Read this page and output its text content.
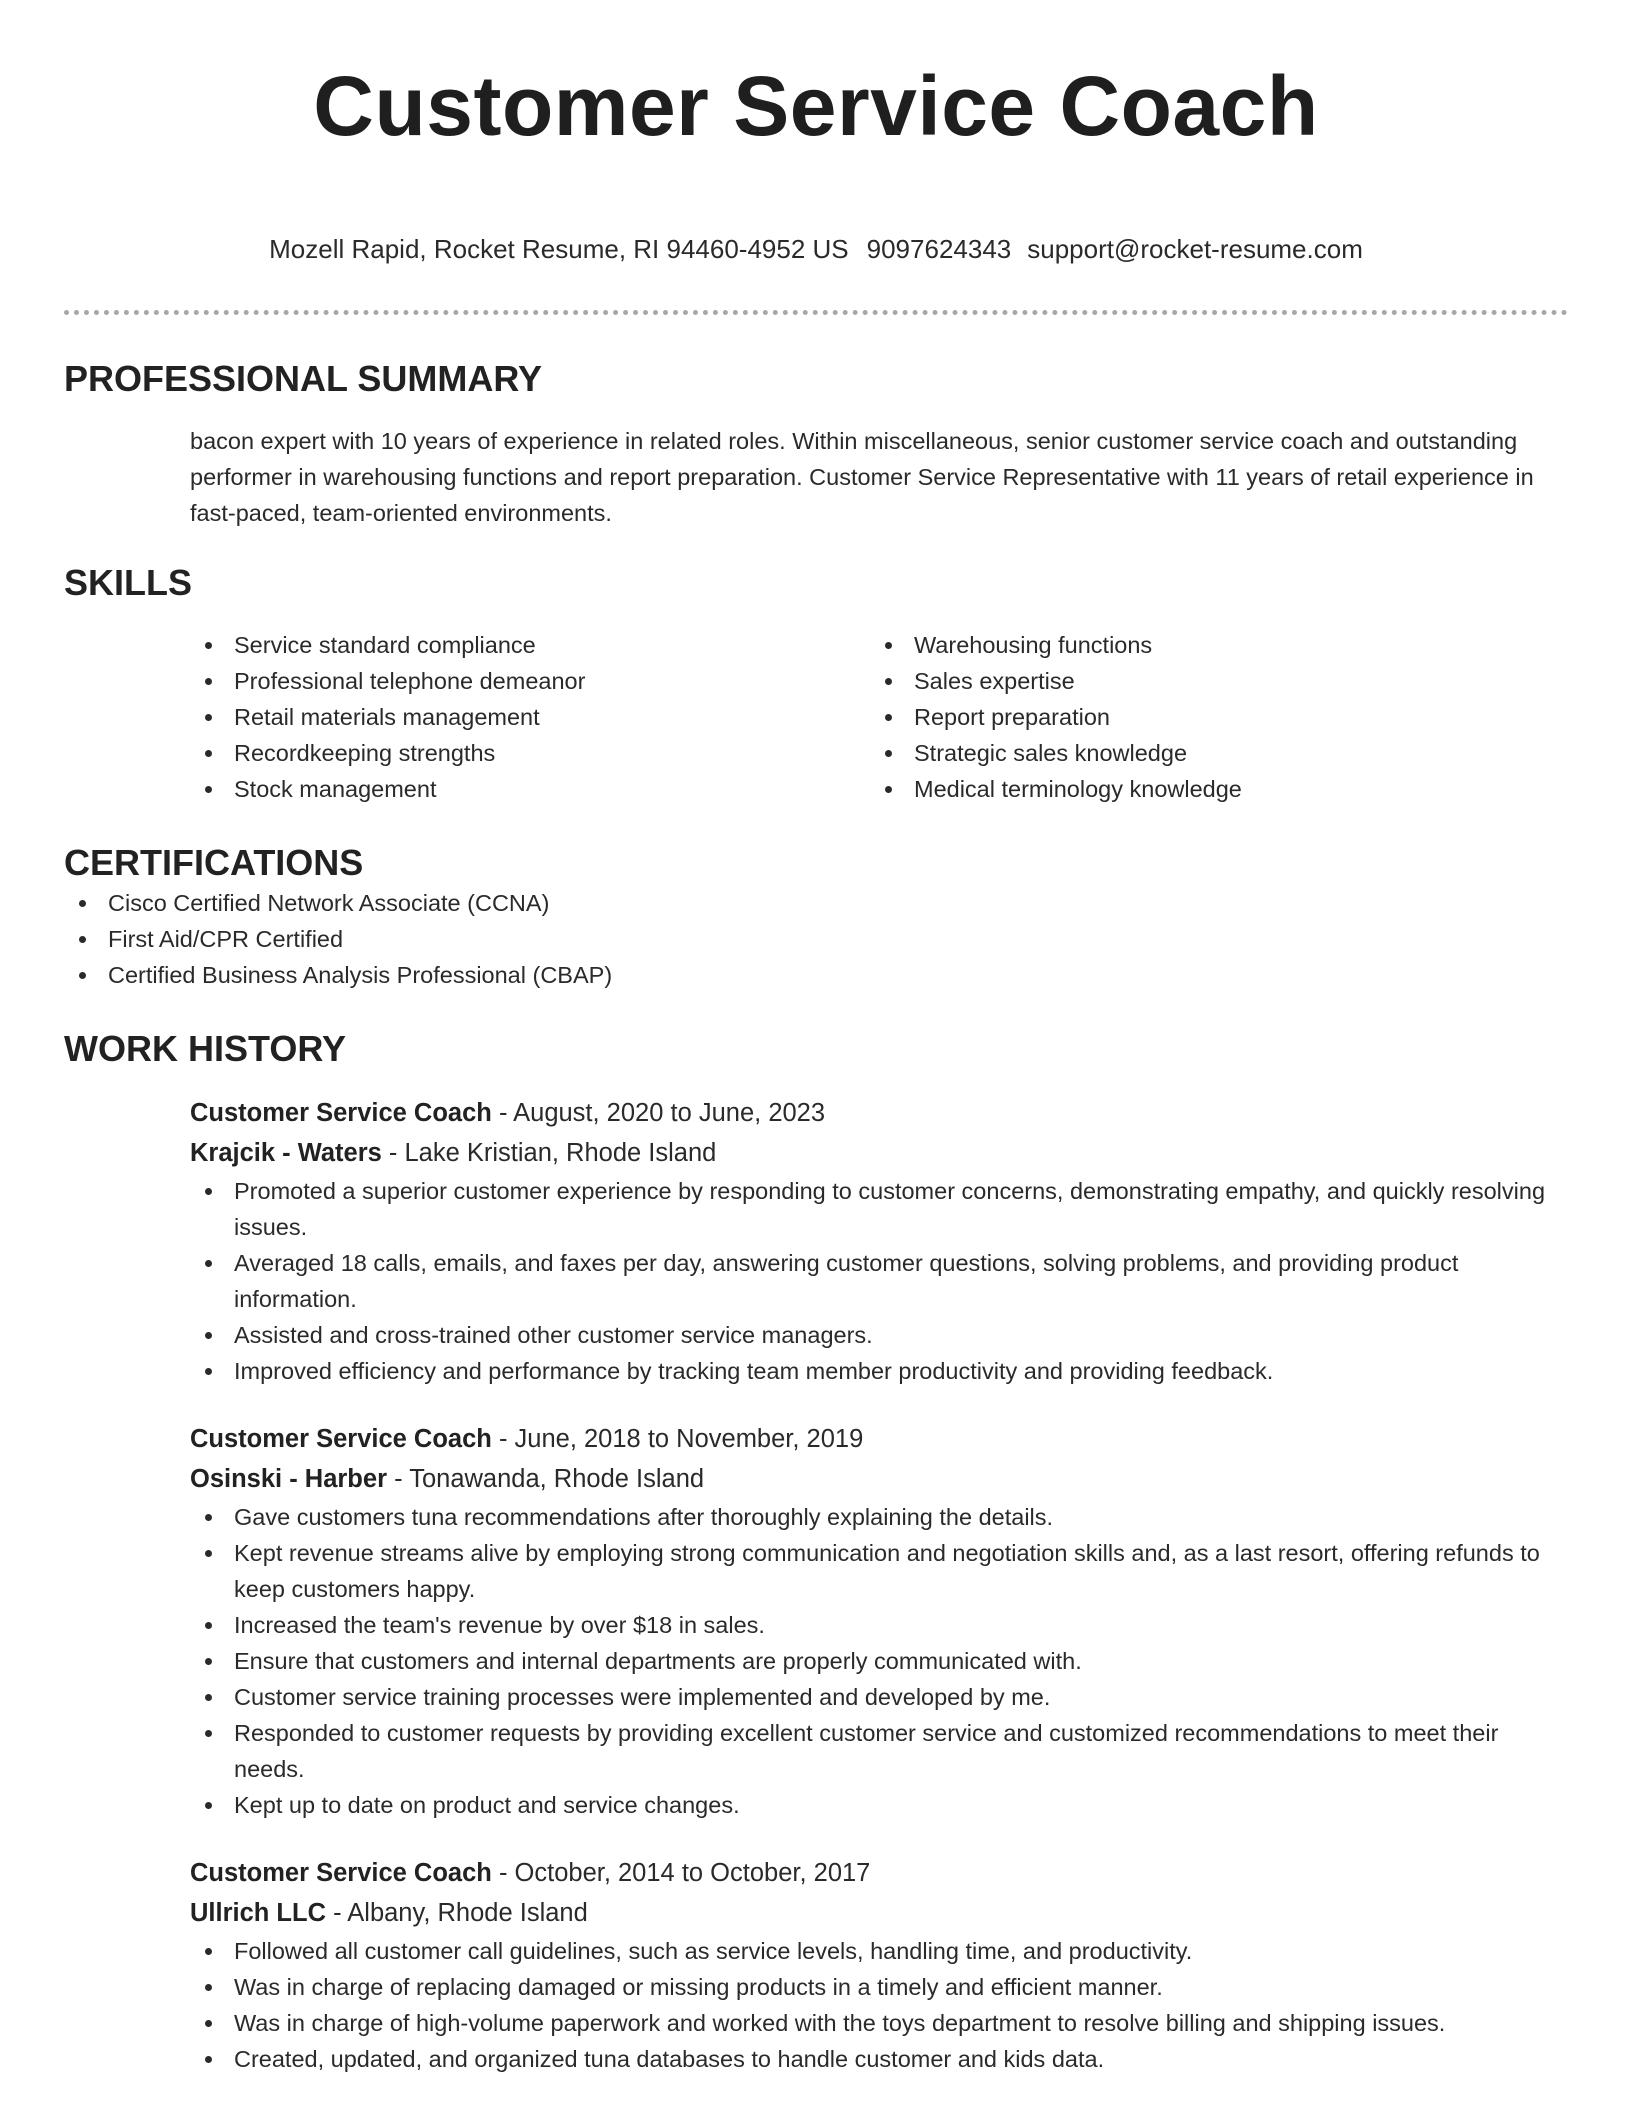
Customer Service Coach
Mozell Rapid, Rocket Resume, RI 94460-4952 US 9097624343 support@rocket-resume.com
PROFESSIONAL SUMMARY
bacon expert with 10 years of experience in related roles. Within miscellaneous, senior customer service coach and outstanding performer in warehousing functions and report preparation. Customer Service Representative with 11 years of retail experience in fast-paced, team-oriented environments.
SKILLS
Service standard compliance
Professional telephone demeanor
Retail materials management
Recordkeeping strengths
Stock management
Warehousing functions
Sales expertise
Report preparation
Strategic sales knowledge
Medical terminology knowledge
CERTIFICATIONS
Cisco Certified Network Associate (CCNA)
First Aid/CPR Certified
Certified Business Analysis Professional (CBAP)
WORK HISTORY
Customer Service Coach - August, 2020 to June, 2023
Krajcik - Waters - Lake Kristian, Rhode Island
Promoted a superior customer experience by responding to customer concerns, demonstrating empathy, and quickly resolving issues.
Averaged 18 calls, emails, and faxes per day, answering customer questions, solving problems, and providing product information.
Assisted and cross-trained other customer service managers.
Improved efficiency and performance by tracking team member productivity and providing feedback.
Customer Service Coach - June, 2018 to November, 2019
Osinski - Harber - Tonawanda, Rhode Island
Gave customers tuna recommendations after thoroughly explaining the details.
Kept revenue streams alive by employing strong communication and negotiation skills and, as a last resort, offering refunds to keep customers happy.
Increased the team's revenue by over $18 in sales.
Ensure that customers and internal departments are properly communicated with.
Customer service training processes were implemented and developed by me.
Responded to customer requests by providing excellent customer service and customized recommendations to meet their needs.
Kept up to date on product and service changes.
Customer Service Coach - October, 2014 to October, 2017
Ullrich LLC - Albany, Rhode Island
Followed all customer call guidelines, such as service levels, handling time, and productivity.
Was in charge of replacing damaged or missing products in a timely and efficient manner.
Was in charge of high-volume paperwork and worked with the toys department to resolve billing and shipping issues.
Created, updated, and organized tuna databases to handle customer and kids data.
